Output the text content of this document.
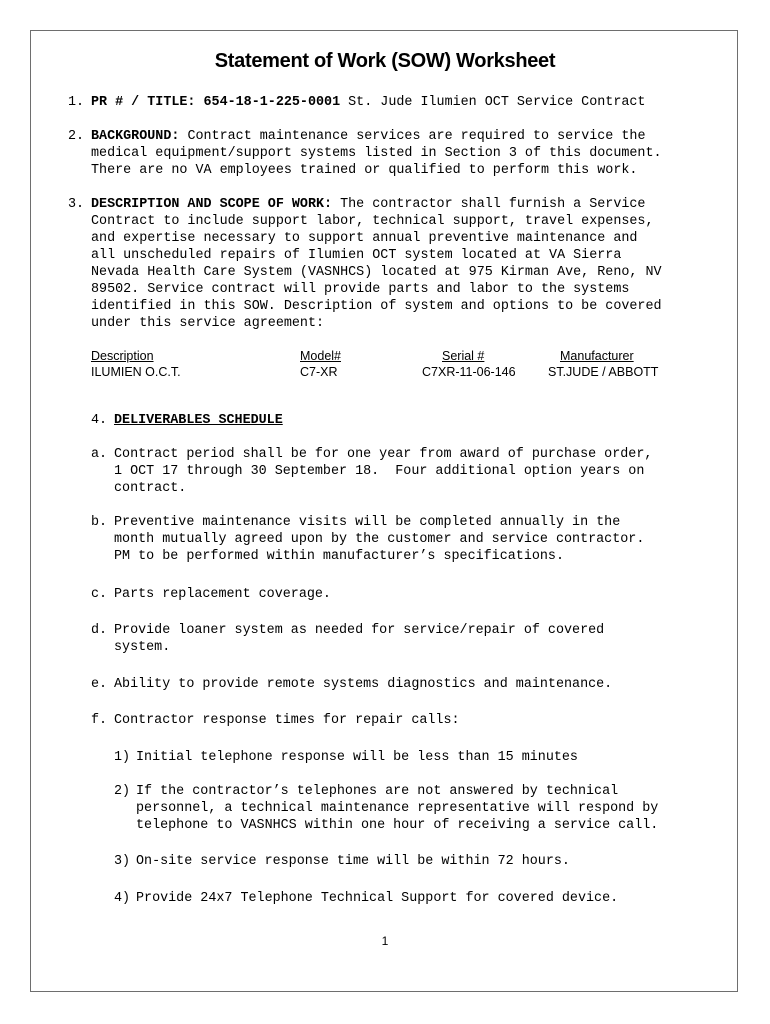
Statement of Work (SOW) Worksheet
1. PR # / TITLE: 654-18-1-225-0001 St. Jude Ilumien OCT Service Contract
2. BACKGROUND: Contract maintenance services are required to service the
medical equipment/support systems listed in Section 3 of this document.
There are no VA employees trained or qualified to perform this work.
3. DESCRIPTION AND SCOPE OF WORK: The contractor shall furnish a Service
Contract to include support labor, technical support, travel expenses,
and expertise necessary to support annual preventive maintenance and
all unscheduled repairs of Ilumien OCT system located at VA Sierra
Nevada Health Care System (VASNHCS) located at 975 Kirman Ave, Reno, NV
89502. Service contract will provide parts and labor to the systems
identified in this SOW. Description of system and options to be covered
under this service agreement:
Description	Model#	Serial #	Manufacturer
ILUMIEN O.C.T.	C7-XR	C7XR-11-06-146	ST.JUDE / ABBOTT
4. DELIVERABLES SCHEDULE
a. Contract period shall be for one year from award of purchase order,
1 OCT 17 through 30 September 18.  Four additional option years on
contract.
b. Preventive maintenance visits will be completed annually in the
month mutually agreed upon by the customer and service contractor.
PM to be performed within manufacturer’s specifications.
c. Parts replacement coverage.
d. Provide loaner system as needed for service/repair of covered
system.
e. Ability to provide remote systems diagnostics and maintenance.
f. Contractor response times for repair calls:
1) Initial telephone response will be less than 15 minutes
2) If the contractor’s telephones are not answered by technical
personnel, a technical maintenance representative will respond by
telephone to VASNHCS within one hour of receiving a service call.
3) On-site service response time will be within 72 hours.
4) Provide 24x7 Telephone Technical Support for covered device.
1
